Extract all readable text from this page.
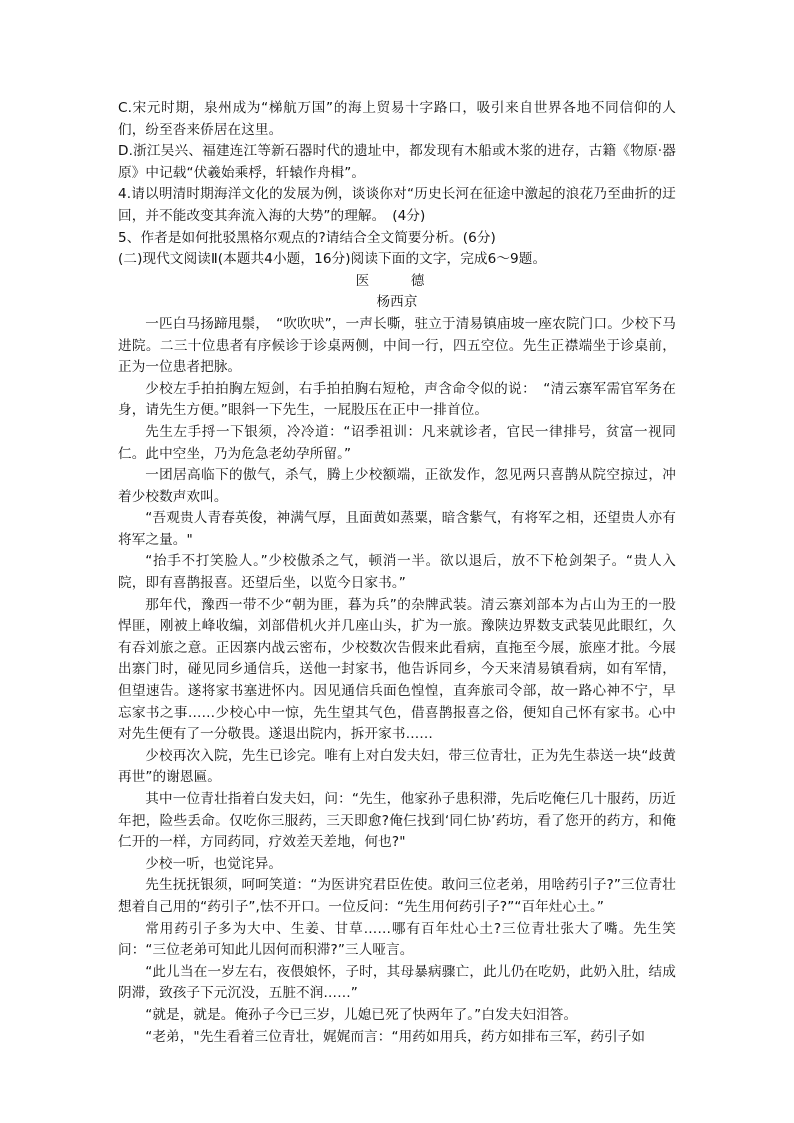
C.宋元时期，泉州成为“梯航万国”的海上贸易十字路口，吸引来自世界各地不同信仰的人们，纷至沓来侨居在这里。

D.浙江吴兴、福建连江等新石器时代的遗址中，都发现有木船或木浆的进存，古籍《物原·器原》中记载“伏羲始乘桴，轩辕作舟楫”。

4.请以明清时期海洋文化的发展为例，谈谈你对“历史长河在征途中激起的浪花乃至曲折的迂回，并不能改变其奔流入海的大势”的理解。　(4分)

5、作者是如何批驳黑格尔观点的?请结合全文简要分析。(6分)

(二)现代文阅读Ⅱ(本题共4小题，16分)阅读下面的文字，完成6～9题。

医　德

杨西京

一匹白马扬蹄甩鬃，　“吹吹吠”，一声长嘶，驻立于清易镇庙坡一座农院门口。少校下马进院。二三十位患者有序候诊于诊桌两侧，中间一行，四五空位。先生正襟端坐于诊桌前，正为一位患者把脉。

少校左手拍拍胸左短剑，右手拍拍胸右短枪，声含命令似的说：　“清云寨军需官军务在身，请先生方便。”眼斜一下先生，一屁股压在正中一排首位。

先生左手捋一下银须，冷冷道：“诏季祖训：凡来就诊者，官民一律排号，贫富一视同仁。此中空坐，乃为危急老幼孕所留。”

一团居高临下的傲气，杀气，腾上少校额端，正欲发作，忽见两只喜鹊从院空掠过，冲着少校数声欢叫。

“吾观贵人青春英俊，神满气厚，且面黄如蒸粟，暗含紫气，有将军之相，还望贵人亦有将军之量。"

“抬手不打笑脸人。”少校傲杀之气，顿消一半。欲以退后，放不下枪剑架子。“贵人入院，即有喜鹊报喜。还望后坐，以览今日家书。”

那年代，豫西一带不少“朝为匪，暮为兵”的杂牌武装。清云寨刘部本为占山为王的一股悍匪，刚被上峰收编，刘部借机火并几座山头，扩为一旅。豫陕边界数支武装见此眼红，久有吞刘旅之意。正因寨内战云密布，少校数次告假来此看病，直拖至今展，旅座才批。今展出寨门时，碰见同乡通信兵，送他一封家书，他告诉同乡，今天来清易镇看病，如有军情，但望速告。遂将家书塞进怀内。因见通信兵面色惶惶，直奔旅司令部，故一路心神不宁，早忘家书之事……少校心中一惊，先生望其气色，借喜鹊报喜之俗，便知自己怀有家书。心中对先生便有了一分敬畏。遂退出院内，拆开家书……

少校再次入院，先生已诊完。唯有上对白发夫妇，带三位青壮，正为先生恭送一块“歧黄再世”的谢恩匾。

其中一位青壮指着白发夫妇，问：“先生，他家孙子患积滞，先后吃俺仨几十服药，历近年把，险些丢命。仅吃你三服药，三天即愈?俺仨找到‘同仁协’药坊，看了您开的药方，和俺仁开的一样，方同药同，疗效差天差地，何也?"

少校一听，也觉诧异。

先生抚抚银须，呵呵笑道：“为医讲究君臣佐使。敢问三位老弟，用啥药引子?”三位青壮想着自己用的“药引子”,怯不开口。一位反问：“先生用何药引子?”“百年灶心土。”

常用药引子多为大中、生姜、甘草……哪有百年灶心土?三位青壮张大了嘴。先生笑问：“三位老弟可知此儿因何而积滞?”三人哑言。

“此儿当在一岁左右，夜偎娘怀，子时，其母暴病骤亡，此儿仍在吃奶，此奶入肚，结成阴滞，致孩子下元沉没，五脏不润……”

“就是，就是。俺孙子今已三岁，儿媳已死了快两年了。”白发夫妇泪答。

“老弟，"先生看着三位青壮，娓娓而言：“用药如用兵，药方如排布三军，药引子如
